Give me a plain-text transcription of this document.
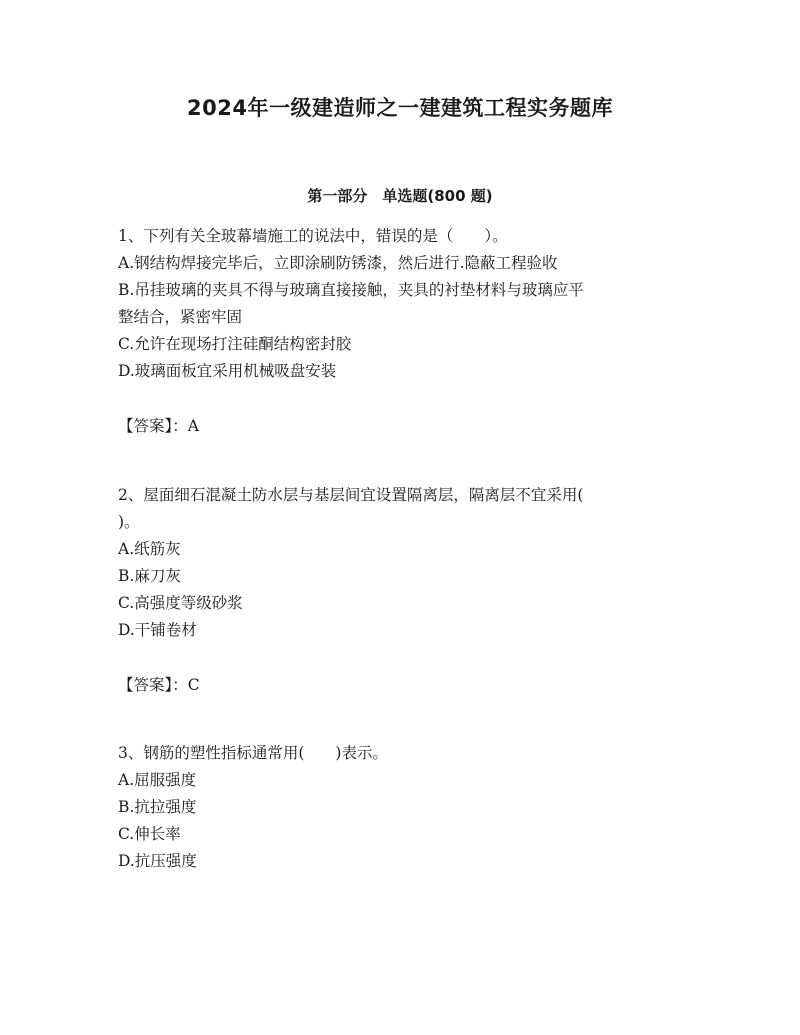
2024年一级建造师之一建建筑工程实务题库
第一部分　单选题(800 题)
1、下列有关全玻幕墙施工的说法中，错误的是（　　）。
A.钢结构焊接完毕后，立即涂刷防锈漆，然后进行.隐蔽工程验收
B.吊挂玻璃的夹具不得与玻璃直接接触，夹具的衬垫材料与玻璃应平
整结合，紧密牢固
C.允许在现场打注硅酮结构密封胶
D.玻璃面板宜采用机械吸盘安装
【答案】：A
2、屋面细石混凝土防水层与基层间宜设置隔离层，隔离层不宜采用(
)。
A.纸筋灰
B.麻刀灰
C.高强度等级砂浆
D.干铺卷材
【答案】：C
3、钢筋的塑性指标通常用(　　)表示。
A.屈服强度
B.抗拉强度
C.伸长率
D.抗压强度
